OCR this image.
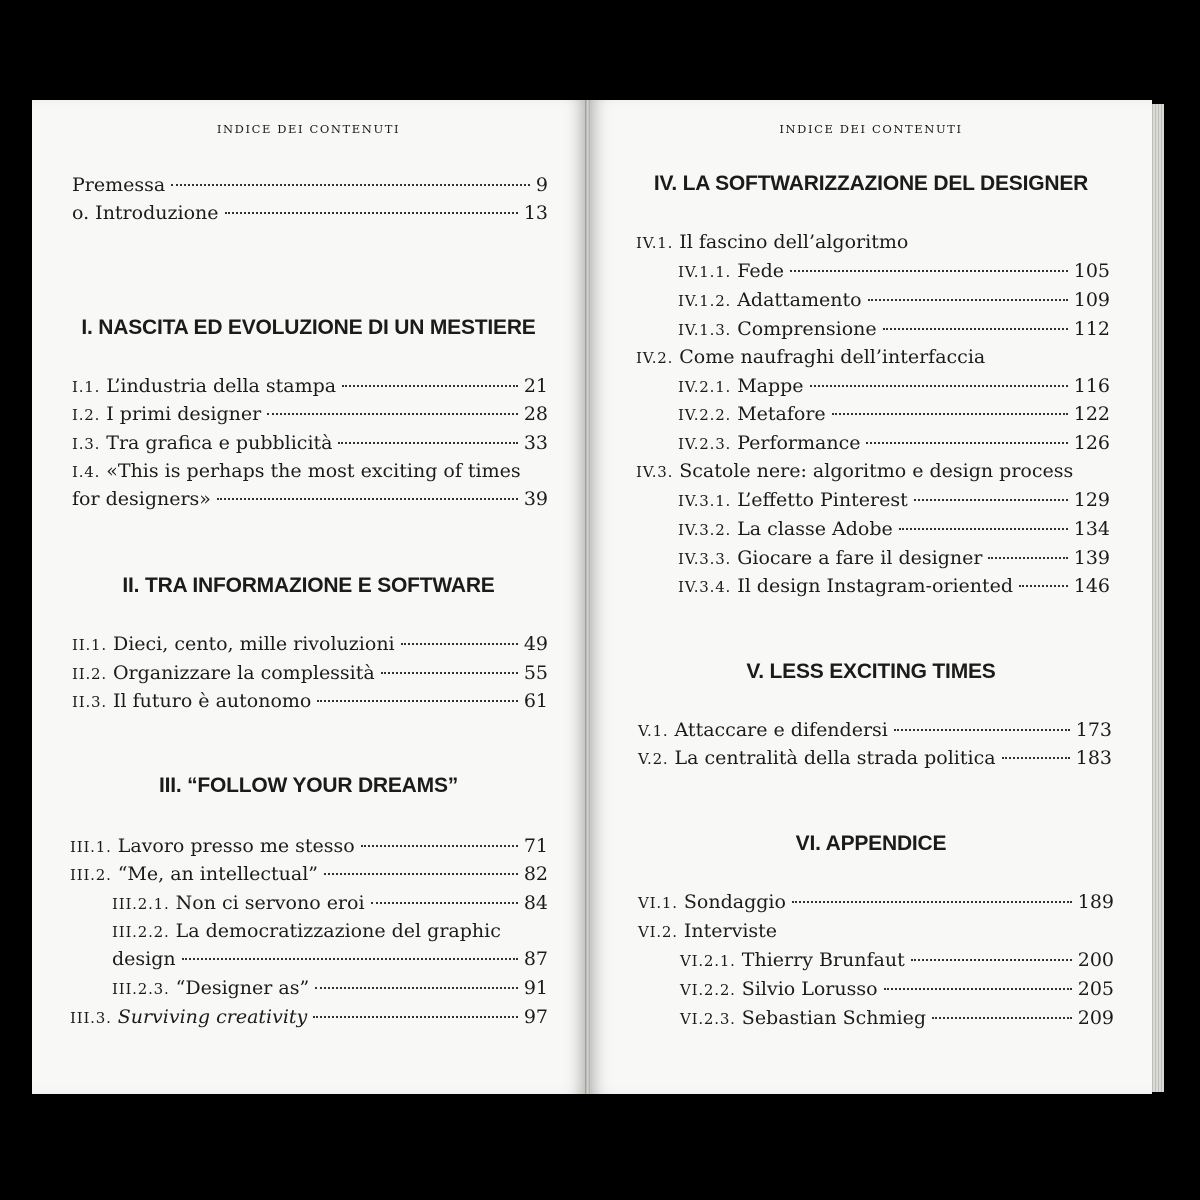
INDICE DEI CONTENUTI
Premessa	9
o. Introduzione	13
I. NASCITA ED EVOLUZIONE DI UN MESTIERE
I.1. L’industria della stampa	21
I.2. I primi designer	28
I.3. Tra grafica e pubblicità	33
I.4. «This is perhaps the most exciting of times
for designers»	39
II. TRA INFORMAZIONE E SOFTWARE
II.1. Dieci, cento, mille rivoluzioni	49
II.2. Organizzare la complessità	55
II.3. Il futuro è autonomo	61
III. “FOLLOW YOUR DREAMS”
III.1. Lavoro presso me stesso	71
III.2. “Me, an intellectual”	82
III.2.1. Non ci servono eroi	84
III.2.2. La democratizzazione del graphic
design	87
III.2.3. “Designer as”	91
III.3. Surviving creativity	97
INDICE DEI CONTENUTI
IV. LA SOFTWARIZZAZIONE DEL DESIGNER
IV.1. Il fascino dell’algoritmo
IV.1.1. Fede	105
IV.1.2. Adattamento	109
IV.1.3. Comprensione	112
IV.2. Come naufraghi dell’interfaccia
IV.2.1. Mappe	116
IV.2.2. Metafore	122
IV.2.3. Performance	126
IV.3. Scatole nere: algoritmo e design process
IV.3.1. L’effetto Pinterest	129
IV.3.2. La classe Adobe	134
IV.3.3. Giocare a fare il designer	139
IV.3.4. Il design Instagram-oriented	146
V. LESS EXCITING TIMES
V.1. Attaccare e difendersi	173
V.2. La centralità della strada politica	183
VI. APPENDICE
VI.1. Sondaggio	189
VI.2. Interviste
VI.2.1. Thierry Brunfaut	200
VI.2.2. Silvio Lorusso	205
VI.2.3. Sebastian Schmieg	209
